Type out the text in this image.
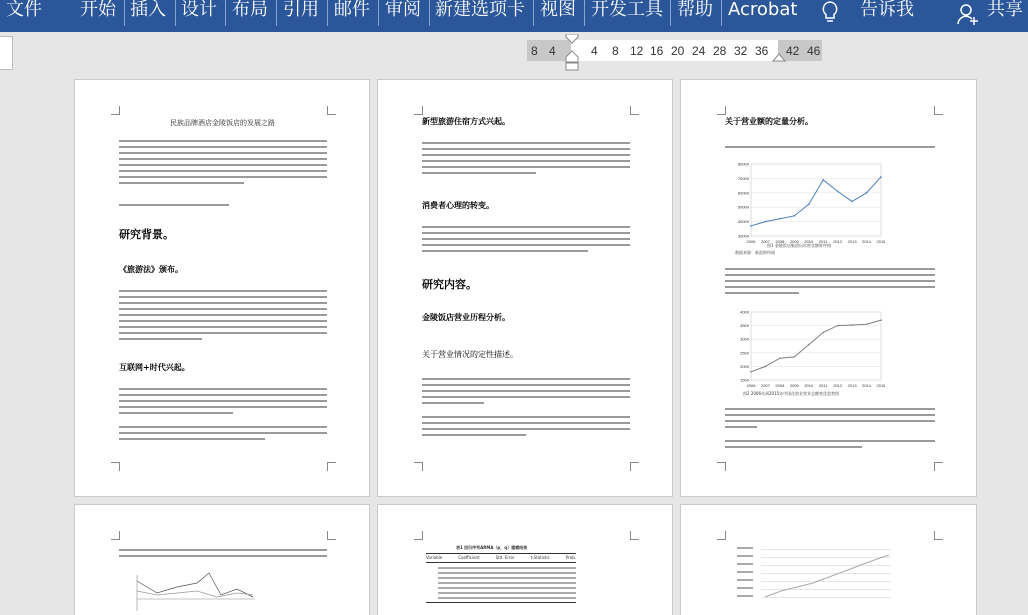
文件 开始 插入 设计 布局 引用 邮件 审阅 新建选项卡 视图 开发工具 帮助 Acrobat	告诉我	共享
8 4	4 8 12 16 20 24 28 32 36 42 46
民族品牌酒店金陵饭店的发展之路
研究背景。
《旅游法》颁布。
互联网+时代兴起。
新型旅游住宿方式兴起。
消费者心理的转变。
研究内容。
金陵饭店营业历程分析。
关于营业情况的定性描述。
关于营业额的定量分析。
30000
40000
50000
60000
70000
80000
2006 2007 2008 2009 2010 2011 2012 2013 2014 2015
图1 金陵饭店集团历年营业额时序图
数据来源：新浪财经网
1500
2000
2500
3000
3500
4000
2006 2007 2008 2009 2010 2011 2012 2013 2014 2015
图2 2006年到2015年中国住宿业营业总额变化趋势图
表1 回归序列ARMA（p，q）建模结果
Variable	Coefficient	Std. Error	t-Statistic	Prob.
